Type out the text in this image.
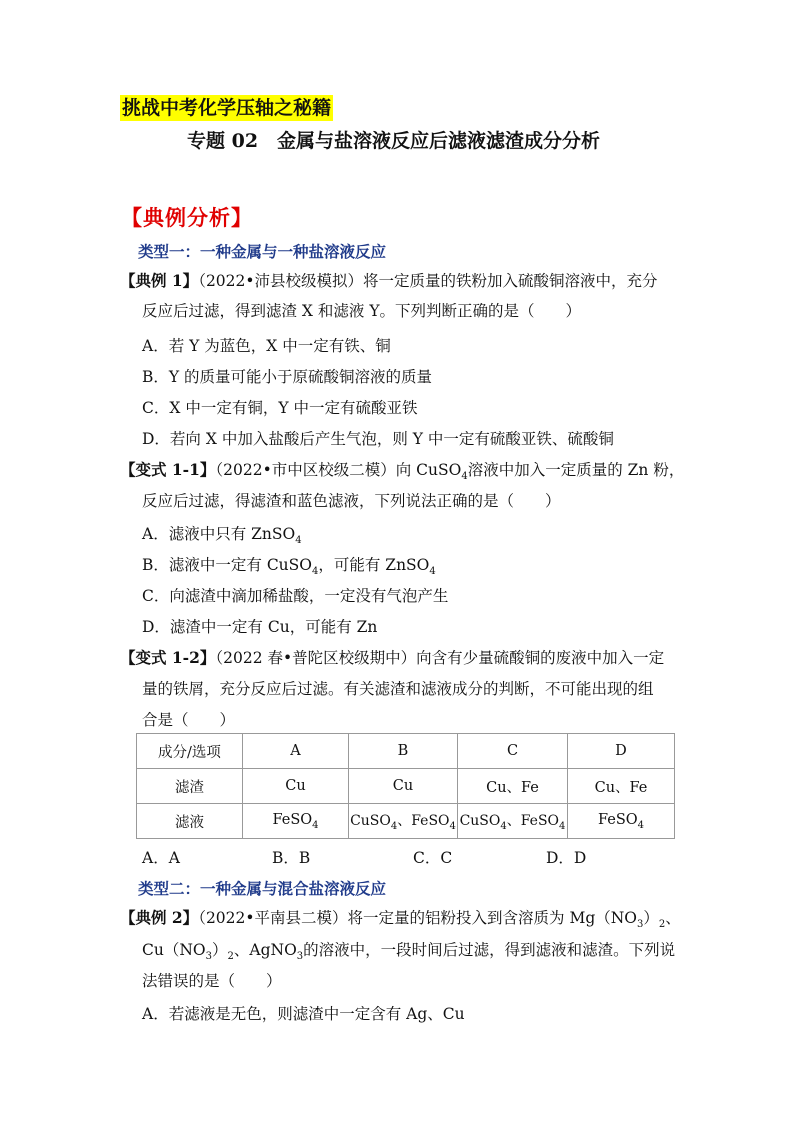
挑战中考化学压轴之秘籍
专题 02　金属与盐溶液反应后滤液滤渣成分分析
【典例分析】
类型一：一种金属与一种盐溶液反应
【典例 1】（2022•沛县校级模拟）将一定质量的铁粉加入硫酸铜溶液中，充分
反应后过滤，得到滤渣 X 和滤液 Y。下列判断正确的是（　　）
A．若 Y 为蓝色，X 中一定有铁、铜
B．Y 的质量可能小于原硫酸铜溶液的质量
C．X 中一定有铜，Y 中一定有硫酸亚铁
D．若向 X 中加入盐酸后产生气泡，则 Y 中一定有硫酸亚铁、硫酸铜
【变式 1-1】（2022•市中区校级二模）向 CuSO$_4$溶液中加入一定质量的 Zn 粉，
反应后过滤，得滤渣和蓝色滤液，下列说法正确的是（　　）
A．滤液中只有 ZnSO$_4$
B．滤液中一定有 CuSO$_4$，可能有 ZnSO$_4$
C．向滤渣中滴加稀盐酸，一定没有气泡产生
D．滤渣中一定有 Cu，可能有 Zn
【变式 1-2】（2022 春•普陀区校级期中）向含有少量硫酸铜的废液中加入一定
量的铁屑，充分反应后过滤。有关滤渣和滤液成分的判断，不可能出现的组
合是（　　）
成分/选项	A	B	C	D
滤渣	Cu	Cu	Cu、Fe	Cu、Fe
滤液	FeSO$_4$	CuSO$_4$、FeSO$_4$	CuSO$_4$、FeSO$_4$	FeSO$_4$
A．A	B．B	C．C	D．D
类型二：一种金属与混合盐溶液反应
【典例 2】（2022•平南县二模）将一定量的铝粉投入到含溶质为 $Mg(NO_3)_2$、
$Cu(NO_3)_2$、AgNO$_3$的溶液中，一段时间后过滤，得到滤液和滤渣。下列说
法错误的是（　　）
A．若滤液是无色，则滤渣中一定含有 Ag、Cu
